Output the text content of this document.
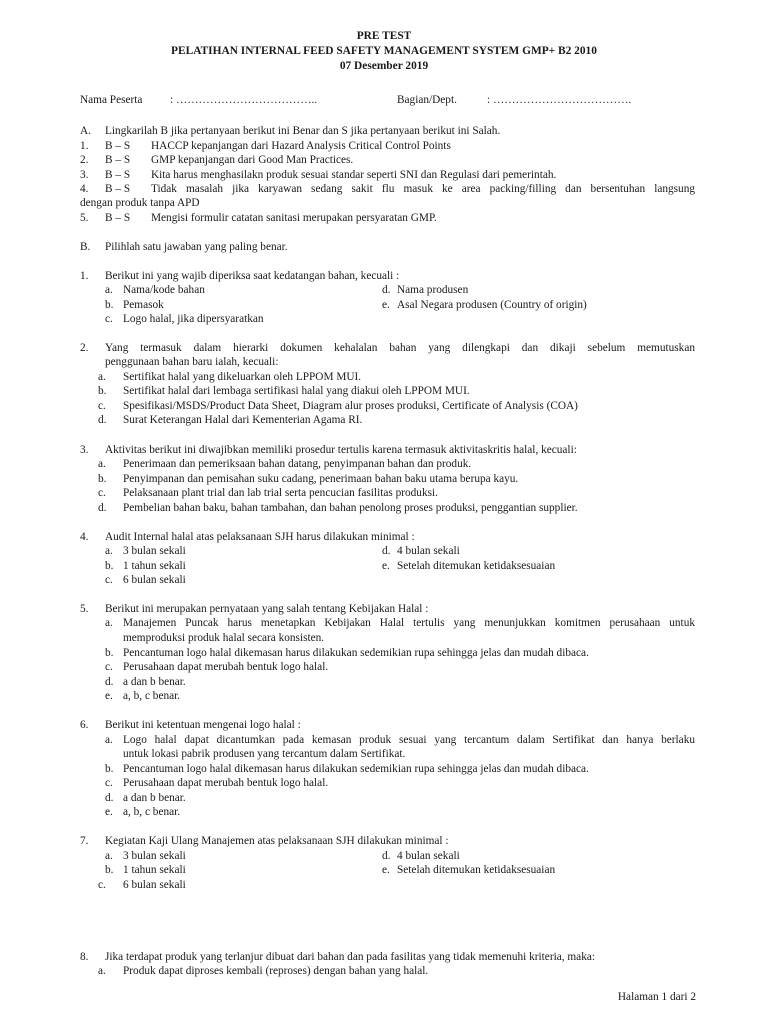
PRE TEST
PELATIHAN INTERNAL FEED SAFETY MANAGEMENT SYSTEM GMP+ B2 2010
07 Desember 2019
Nama Peserta : ………………………………..	Bagian/Dept.	: ……………………………….
A. Lingkarilah B jika pertanyaan berikut ini Benar dan S jika pertanyaan berikut ini Salah.
1. B – S HACCP kepanjangan dari Hazard Analysis Critical Control Points
2. B – S GMP kepanjangan dari Good Man Practices.
3. B – S Kita harus menghasilakn produk sesuai standar seperti SNI dan Regulasi dari pemerintah.
4. B – S Tidak masalah jika karyawan sedang sakit flu masuk ke area packing/filling dan bersentuhan langsung
dengan produk tanpa APD
5. B – S Mengisi formulir catatan sanitasi merupakan persyaratan GMP.
B. Pilihlah satu jawaban yang paling benar.
1. Berikut ini yang wajib diperiksa saat kedatangan bahan, kecuali :
a. Nama/kode bahan
b. Pemasok
c. Logo halal, jika dipersyaratkan
d. Nama produsen
e. Asal Negara produsen (Country of origin)
2. Yang termasuk dalam hierarki dokumen kehalalan bahan yang dilengkapi dan dikaji sebelum memutuskan
penggunaan bahan baru ialah, kecuali:
a. Sertifikat halal yang dikeluarkan oleh LPPOM MUI.
b. Sertifikat halal dari lembaga sertifikasi halal yang diakui oleh LPPOM MUI.
c. Spesifikasi/MSDS/Product Data Sheet, Diagram alur proses produksi, Certificate of Analysis (COA)
d. Surat Keterangan Halal dari Kementerian Agama RI.
3. Aktivitas berikut ini diwajibkan memiliki prosedur tertulis karena termasuk aktivitaskritis halal, kecuali:
a. Penerimaan dan pemeriksaan bahan datang, penyimpanan bahan dan produk.
b. Penyimpanan dan pemisahan suku cadang, penerimaan bahan baku utama berupa kayu.
c. Pelaksanaan plant trial dan lab trial serta pencucian fasilitas produksi.
d. Pembelian bahan baku, bahan tambahan, dan bahan penolong proses produksi, penggantian supplier.
4. Audit Internal halal atas pelaksanaan SJH harus dilakukan minimal :
a. 3 bulan sekali
b. 1 tahun sekali
c. 6 bulan sekali
d. 4 bulan sekali
e. Setelah ditemukan ketidaksesuaian
5. Berikut ini merupakan pernyataan yang salah tentang Kebijakan Halal :
a. Manajemen Puncak harus menetapkan Kebijakan Halal tertulis yang menunjukkan komitmen perusahaan untuk
memproduksi produk halal secara konsisten.
b. Pencantuman logo halal dikemasan harus dilakukan sedemikian rupa sehingga jelas dan mudah dibaca.
c. Perusahaan dapat merubah bentuk logo halal.
d. a dan b benar.
e. a, b, c benar.
6. Berikut ini ketentuan mengenai logo halal :
a. Logo halal dapat dicantumkan pada kemasan produk sesuai yang tercantum dalam Sertifikat dan hanya berlaku
untuk lokasi pabrik produsen yang tercantum dalam Sertifikat.
b. Pencantuman logo halal dikemasan harus dilakukan sedemikian rupa sehingga jelas dan mudah dibaca.
c. Perusahaan dapat merubah bentuk logo halal.
d. a dan b benar.
e. a, b, c benar.
7. Kegiatan Kaji Ulang Manajemen atas pelaksanaan SJH dilakukan minimal :
a. 3 bulan sekali
b. 1 tahun sekali
c. 6 bulan sekali
d. 4 bulan sekali
e. Setelah ditemukan ketidaksesuaian
8. Jika terdapat produk yang terlanjur dibuat dari bahan dan pada fasilitas yang tidak memenuhi kriteria, maka:
a. Produk dapat diproses kembali (reproses) dengan bahan yang halal.
Halaman 1 dari 2
